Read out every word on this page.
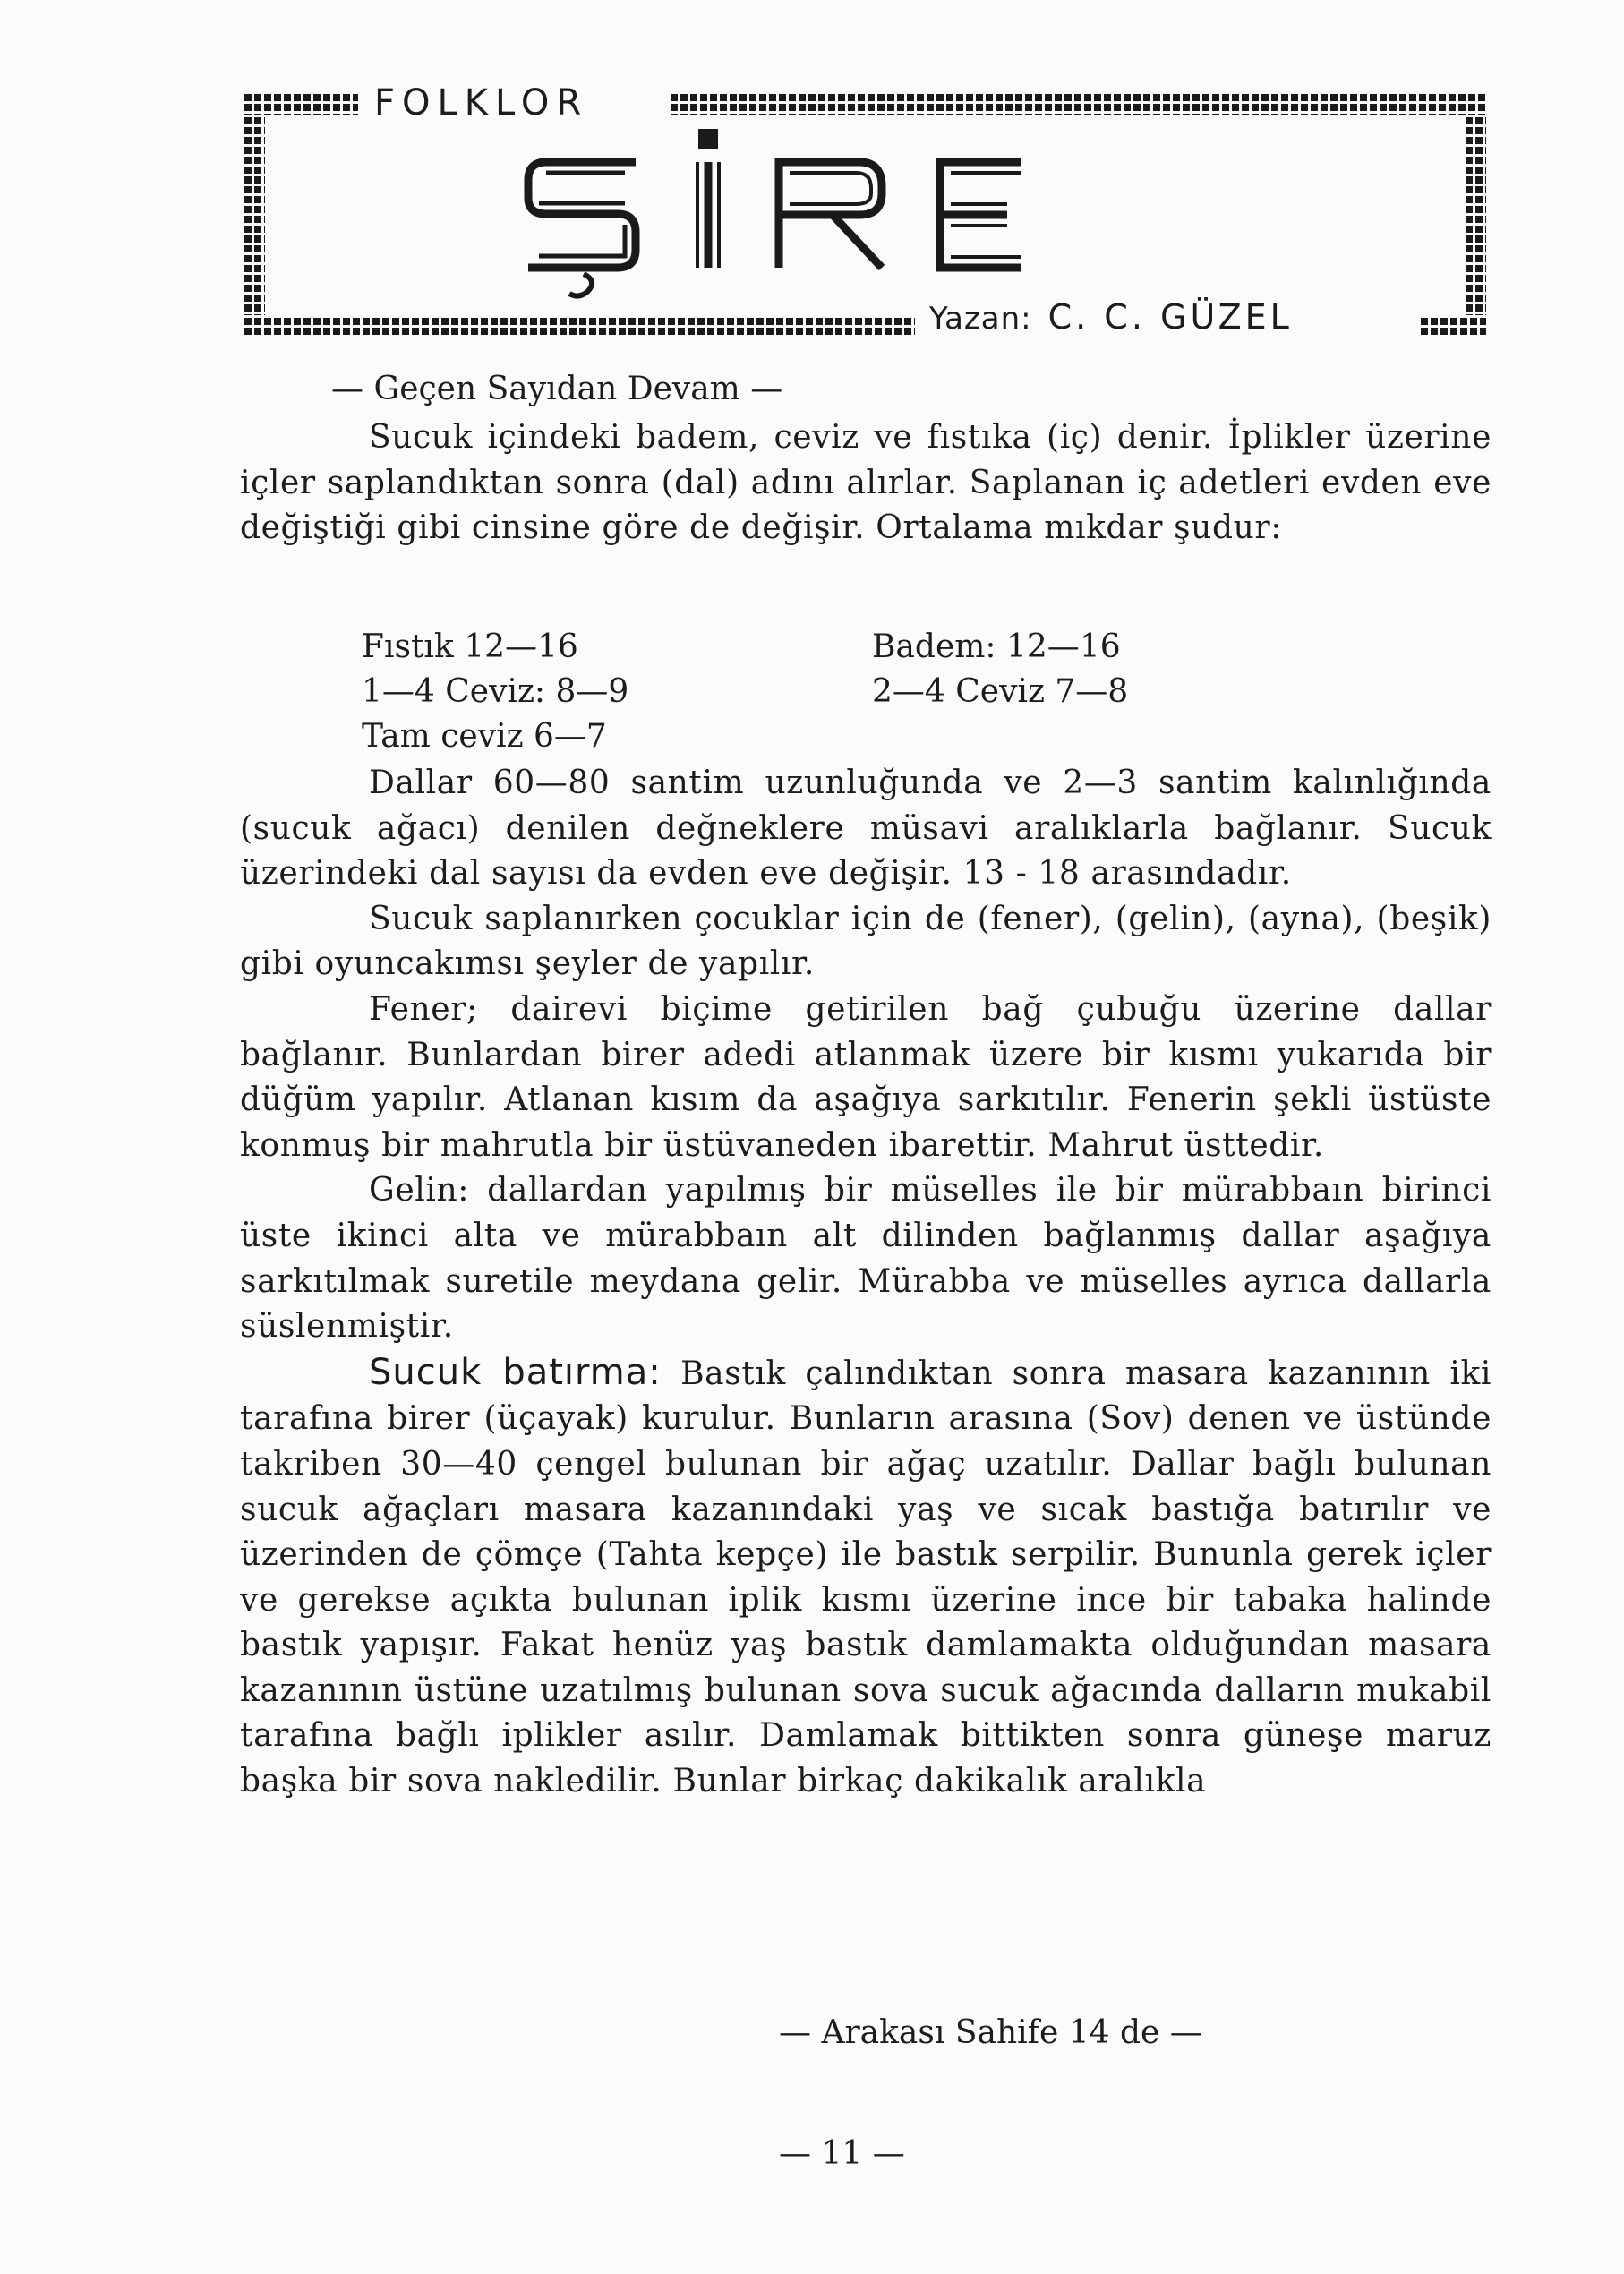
FOLKLOR
Yazan: C. C. GÜZEL
— Geçen Sayıdan Devam —

Sucuk içindeki badem, ceviz ve fıstıka (iç) denir. İplikler üzerine içler saplandıktan sonra (dal) adını alırlar. Saplanan iç adetleri evden eve değiştiği gibi cinsine göre de değişir. Ortalama mıkdar şudur:

Fıstık 12—16	Badem: 12—16
1—4 Ceviz: 8—9	2—4 Ceviz 7—8
Tam ceviz 6—7

Dallar 60—80 santim uzunluğunda ve 2—3 santim kalınlığında (sucuk ağacı) denilen değneklere müsavi aralıklarla bağlanır. Sucuk üzerindeki dal sayısı da evden eve değişir. 13 - 18 arasındadır.

Sucuk saplanırken çocuklar için de (fener), (gelin), (ayna), (beşik) gibi oyuncakımsı şeyler de yapılır.

Fener; dairevi biçime getirilen bağ çubuğu üzerine dallar bağlanır. Bunlardan birer adedi atlanmak üzere bir kısmı yukarıda bir düğüm yapılır. Atlanan kısım da aşağıya sarkıtılır. Fenerin şekli üstüste konmuş bir mahrutla bir üstüvaneden ibarettir. Mahrut üsttedir.

Gelin: dallardan yapılmış bir müselles ile bir mürabbaın birinci üste ikinci alta ve mürabbaın alt dilinden bağlanmış dallar aşağıya sarkıtılmak suretile meydana gelir. Mürabba ve müselles ayrıca dallarla süslenmiştir.

Sucuk batırma: Bastık çalındıktan sonra masara kazanının iki tarafına birer (üçayak) kurulur. Bunların arasına (Sov) denen ve üstünde takriben 30—40 çengel bulunan bir ağaç uzatılır. Dallar bağlı bulunan sucuk ağaçları masara kazanındaki yaş ve sıcak bastığa batırılır ve üzerinden de çömçe (Tahta kepçe) ile bastık serpilir. Bununla gerek içler ve gerekse açıkta bulunan iplik kısmı üzerine ince bir tabaka halinde bastık yapışır. Fakat henüz yaş bastık damlamakta olduğundan masara kazanının üstüne uzatılmış bulunan sova sucuk ağacında dalların mukabil tarafına bağlı iplikler asılır. Damlamak bittikten sonra güneşe maruz başka bir sova nakledilir. Bunlar birkaç dakikalık aralıkla

— Arakası Sahife 14 de —
— 11 —
